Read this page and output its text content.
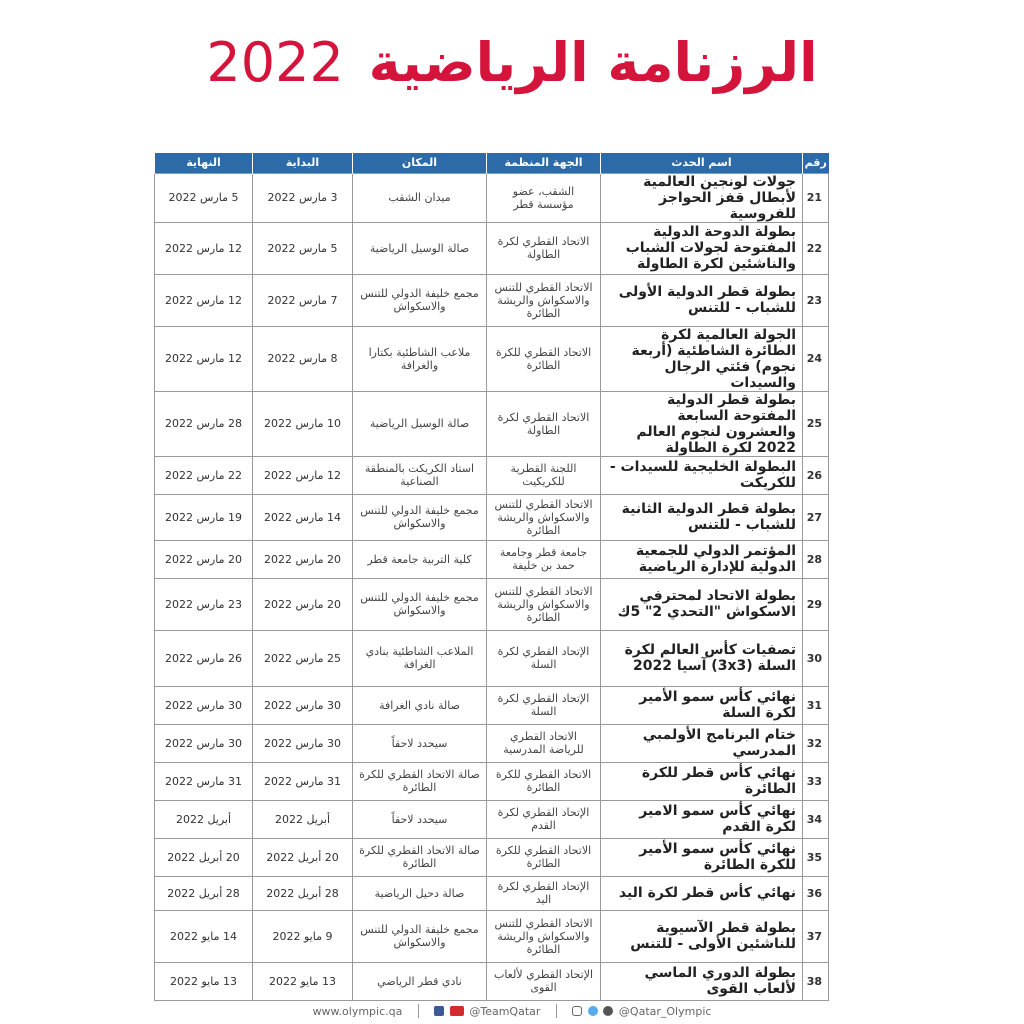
الرزنامة الرياضية 2022
رقم	اسم الحدث	الجهة المنظمة	المكان	البداية	النهاية
21	جولات لونجين العالمية لأبطال قفز الحواجز للفروسية	الشقب، عضو مؤسسة قطر	ميدان الشقب	3 مارس 2022	5 مارس 2022
22	بطولة الدوحة الدولية المفتوحة لجولات الشباب والناشئين لكرة الطاولة	الاتحاد القطري لكرة الطاولة	صالة الوسيل الرياضية	5 مارس 2022	12 مارس 2022
23	بطولة قطر الدولية الأولى للشباب - للتنس	الاتحاد القطري للتنس والاسكواش والريشة الطائرة	مجمع خليفة الدولي للتنس والاسكواش	7 مارس 2022	12 مارس 2022
24	الجولة العالمية لكرة الطائرة الشاطئية (أربعة نجوم) فئتي الرجال والسيدات	الاتحاد القطري للكرة الطائرة	ملاعب الشاطئية بكتارا والغرافة	8 مارس 2022	12 مارس 2022
25	بطولة قطر الدولية المفتوحة السابعة والعشرون لنجوم العالم 2022 لكرة الطاولة	الاتحاد القطري لكرة الطاولة	صالة الوسيل الرياضية	10 مارس 2022	28 مارس 2022
26	البطولة الخليجية للسيدات - للكريكت	اللجنة القطرية للكريكيت	استاد الكريكت بالمنطقة الصناعية	12 مارس 2022	22 مارس 2022
27	بطولة قطر الدولية الثانية للشباب - للتنس	الاتحاد القطري للتنس والاسكواش والريشة الطائرة	مجمع خليفة الدولي للتنس والاسكواش	14 مارس 2022	19 مارس 2022
28	المؤتمر الدولي للجمعية الدولية للإدارة الرياضية	جامعة قطر وجامعة حمد بن خليفة	كلية التربية جامعة قطر	20 مارس 2022	20 مارس 2022
29	بطولة الاتحاد لمحترفي الاسكواش "التحدي 2" 5ك	الاتحاد القطري للتنس والاسكواش والريشة الطائرة	مجمع خليفة الدولي للتنس والاسكواش	20 مارس 2022	23 مارس 2022
30	تصفيات كأس العالم لكرة السلة (3x3) آسيا 2022	الإتحاد القطري لكرة السلة	الملاعب الشاطئية بنادي الغرافة	25 مارس 2022	26 مارس 2022
31	نهائي كأس سمو الأمير لكرة السلة	الإتحاد القطري لكرة السلة	صالة نادي الغرافة	30 مارس 2022	30 مارس 2022
32	ختام البرنامج الأولمبي المدرسي	الاتحاد القطري للرياضة المدرسية	سيحدد لاحقاً	30 مارس 2022	30 مارس 2022
33	نهائي كأس قطر للكرة الطائرة	الاتحاد القطري للكرة الطائرة	صالة الاتحاد القطري للكرة الطائرة	31 مارس 2022	31 مارس 2022
34	نهائي كأس سمو الامير لكرة القدم	الإتحاد القطري لكرة القدم	سيحدد لاحقاً	أبريل 2022	أبريل 2022
35	نهائي كأس سمو الأمير للكرة الطائرة	الاتحاد القطري للكرة الطائرة	صالة الاتحاد القطري للكرة الطائرة	20 أبريل 2022	20 أبريل 2022
36	نهائي كأس قطر لكرة اليد	الإتحاد القطري لكرة اليد	صالة دحيل الرياضية	28 أبريل 2022	28 أبريل 2022
37	بطولة قطر الآسيوية للناشئين الأولى - للتنس	الاتحاد القطري للتنس والاسكواش والريشة الطائرة	مجمع خليفة الدولي للتنس والاسكواش	9 مايو 2022	14 مايو 2022
38	بطولة الدوري الماسي لألعاب القوى	الإتحاد القطري لألعاب القوى	نادي قطر الرياضي	13 مايو 2022	13 مايو 2022
www.olympic.qa	@TeamQatar	@Qatar_Olympic
